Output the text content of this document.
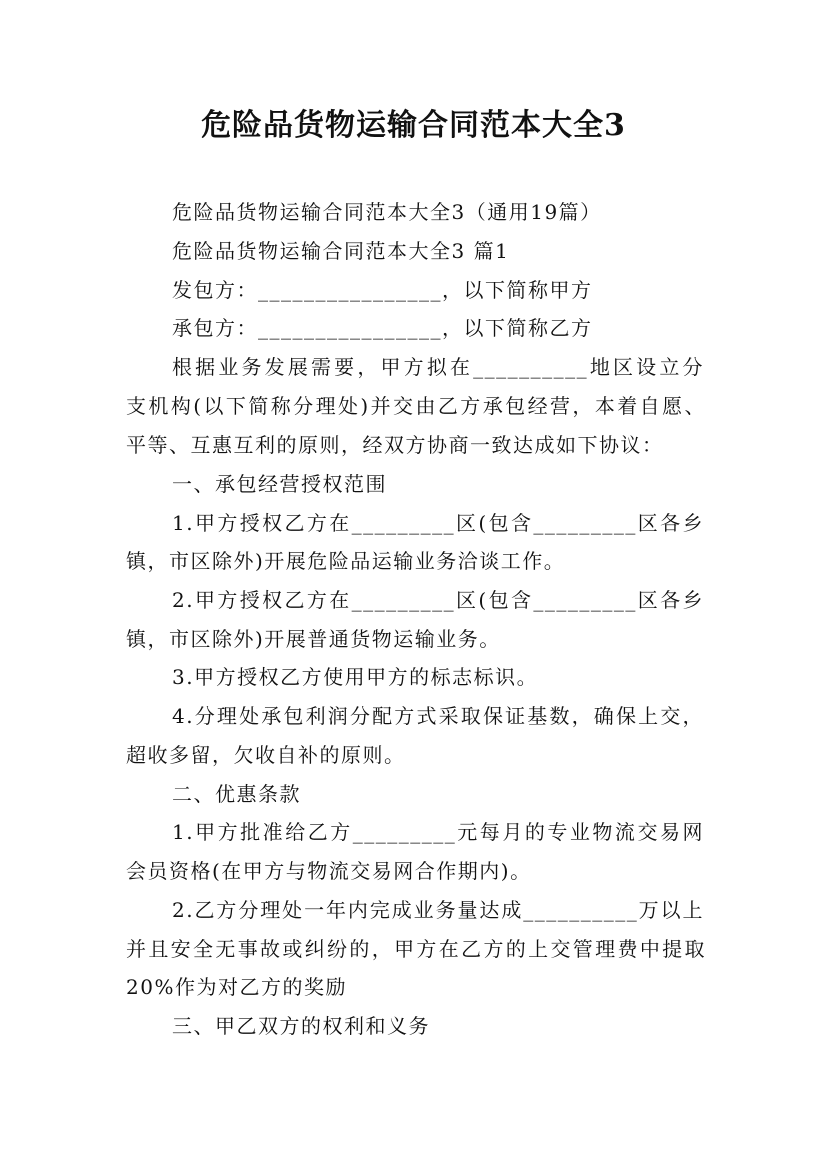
危险品货物运输合同范本大全3
危险品货物运输合同范本大全3（通用19篇）
危险品货物运输合同范本大全3 篇1
发包方：________________，以下简称甲方
承包方：________________，以下简称乙方
根据业务发展需要，甲方拟在__________地区设立分
支机构(以下简称分理处)并交由乙方承包经营，本着自愿、
平等、互惠互利的原则，经双方协商一致达成如下协议：
一、承包经营授权范围
1.甲方授权乙方在_________区(包含_________区各乡
镇，市区除外)开展危险品运输业务洽谈工作。
2.甲方授权乙方在_________区(包含_________区各乡
镇，市区除外)开展普通货物运输业务。
3.甲方授权乙方使用甲方的标志标识。
4.分理处承包利润分配方式采取保证基数，确保上交，
超收多留，欠收自补的原则。
二、优惠条款
1.甲方批准给乙方_________元每月的专业物流交易网
会员资格(在甲方与物流交易网合作期内)。
2.乙方分理处一年内完成业务量达成__________万以上
并且安全无事故或纠纷的，甲方在乙方的上交管理费中提取
20%作为对乙方的奖励
三、甲乙双方的权利和义务
